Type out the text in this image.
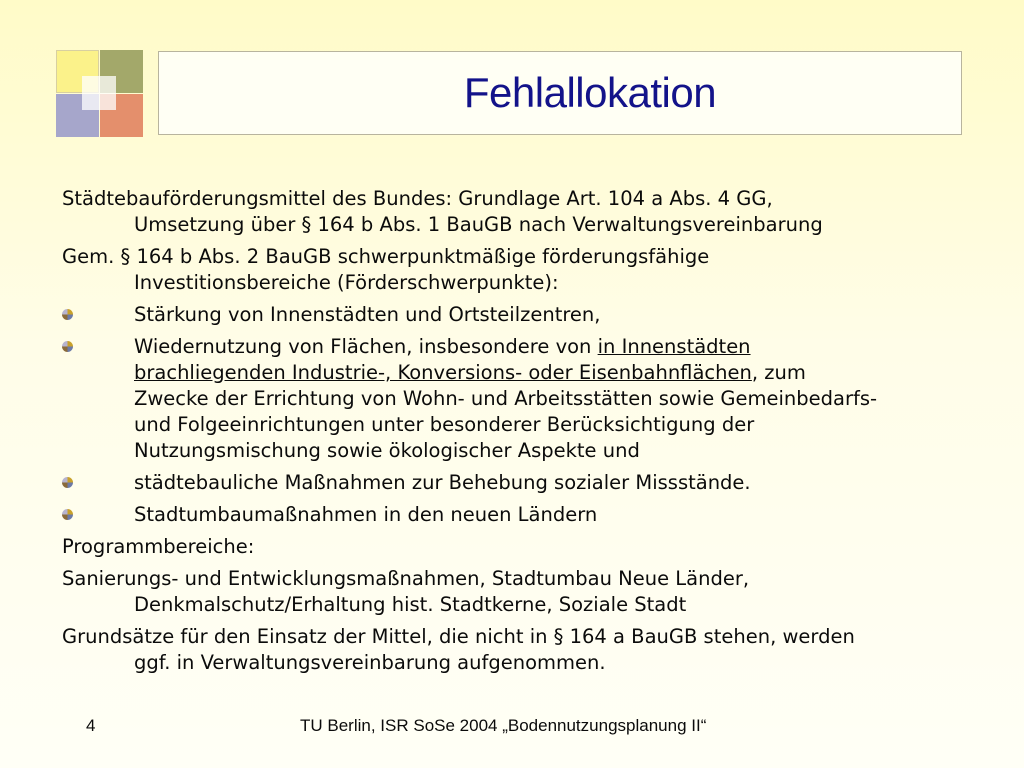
Fehlallokation
Städtebauförderungsmittel des Bundes: Grundlage Art. 104 a Abs. 4 GG,
Umsetzung über § 164 b Abs. 1 BauGB nach Verwaltungsvereinbarung
Gem. § 164 b Abs. 2 BauGB schwerpunktmäßige förderungsfähige
Investitionsbereiche (Förderschwerpunkte):
Stärkung von Innenstädten und Ortsteilzentren,
Wiedernutzung von Flächen, insbesondere von in Innenstädten
brachliegenden Industrie-, Konversions- oder Eisenbahnflächen, zum
Zwecke der Errichtung von Wohn- und Arbeitsstätten sowie Gemeinbedarfs-
und Folgeeinrichtungen unter besonderer Berücksichtigung der
Nutzungsmischung sowie ökologischer Aspekte und
städtebauliche Maßnahmen zur Behebung sozialer Missstände.
Stadtumbaumaßnahmen in den neuen Ländern
Programmbereiche:
Sanierungs- und Entwicklungsmaßnahmen, Stadtumbau Neue Länder,
Denkmalschutz/Erhaltung hist. Stadtkerne, Soziale Stadt
Grundsätze für den Einsatz der Mittel, die nicht in § 164 a BauGB stehen, werden
ggf. in Verwaltungsvereinbarung aufgenommen.
4	TU Berlin, ISR SoSe 2004 „Bodennutzungsplanung II“
